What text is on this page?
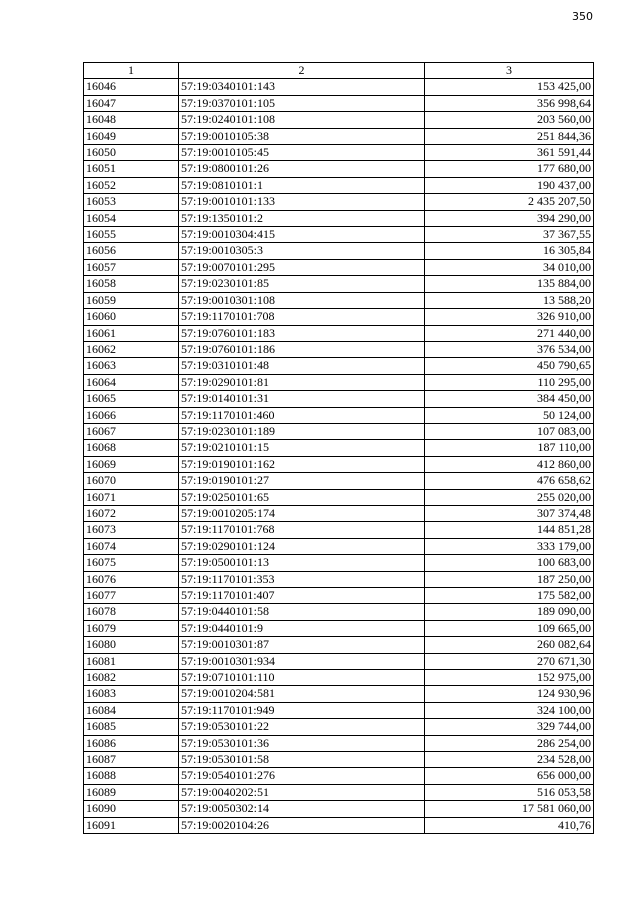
350
1	2	3
16046	57:19:0340101:143	153 425,00
16047	57:19:0370101:105	356 998,64
16048	57:19:0240101:108	203 560,00
16049	57:19:0010105:38	251 844,36
16050	57:19:0010105:45	361 591,44
16051	57:19:0800101:26	177 680,00
16052	57:19:0810101:1	190 437,00
16053	57:19:0010101:133	2 435 207,50
16054	57:19:1350101:2	394 290,00
16055	57:19:0010304:415	37 367,55
16056	57:19:0010305:3	16 305,84
16057	57:19:0070101:295	34 010,00
16058	57:19:0230101:85	135 884,00
16059	57:19:0010301:108	13 588,20
16060	57:19:1170101:708	326 910,00
16061	57:19:0760101:183	271 440,00
16062	57:19:0760101:186	376 534,00
16063	57:19:0310101:48	450 790,65
16064	57:19:0290101:81	110 295,00
16065	57:19:0140101:31	384 450,00
16066	57:19:1170101:460	50 124,00
16067	57:19:0230101:189	107 083,00
16068	57:19:0210101:15	187 110,00
16069	57:19:0190101:162	412 860,00
16070	57:19:0190101:27	476 658,62
16071	57:19:0250101:65	255 020,00
16072	57:19:0010205:174	307 374,48
16073	57:19:1170101:768	144 851,28
16074	57:19:0290101:124	333 179,00
16075	57:19:0500101:13	100 683,00
16076	57:19:1170101:353	187 250,00
16077	57:19:1170101:407	175 582,00
16078	57:19:0440101:58	189 090,00
16079	57:19:0440101:9	109 665,00
16080	57:19:0010301:87	260 082,64
16081	57:19:0010301:934	270 671,30
16082	57:19:0710101:110	152 975,00
16083	57:19:0010204:581	124 930,96
16084	57:19:1170101:949	324 100,00
16085	57:19:0530101:22	329 744,00
16086	57:19:0530101:36	286 254,00
16087	57:19:0530101:58	234 528,00
16088	57:19:0540101:276	656 000,00
16089	57:19:0040202:51	516 053,58
16090	57:19:0050302:14	17 581 060,00
16091	57:19:0020104:26	410,76
